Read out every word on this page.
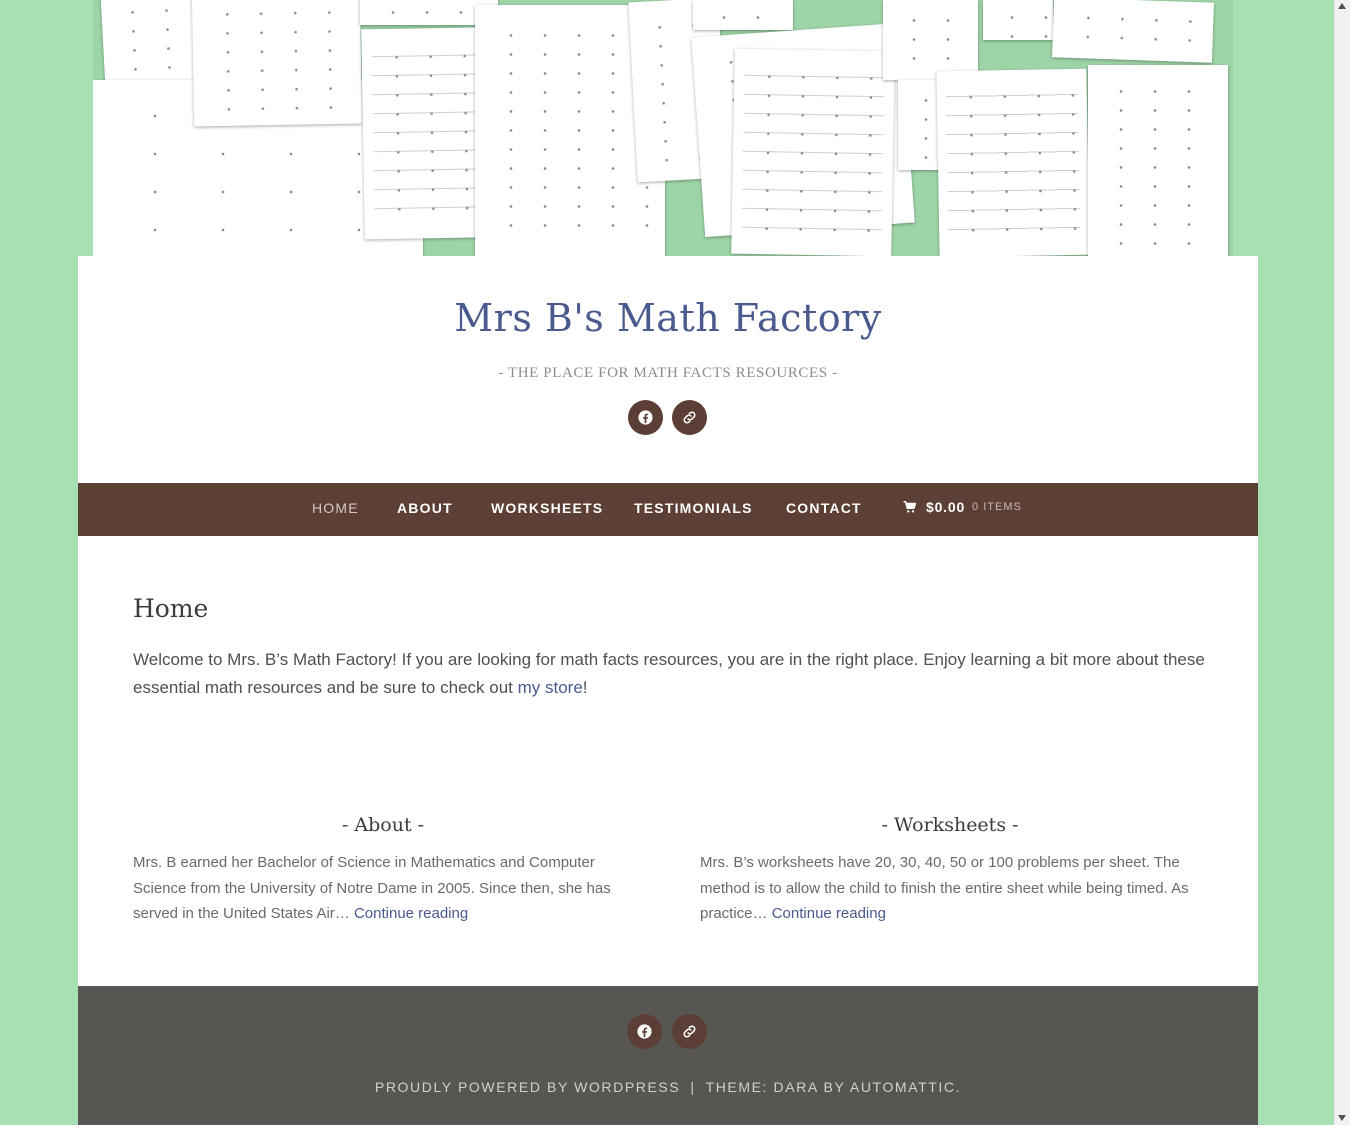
Mrs B's Math Factory
- THE PLACE FOR MATH FACTS RESOURCES -
HOME	ABOUT	WORKSHEETS TESTIMONIALS CONTACT	$0.00 0 ITEMS
Home
Welcome to Mrs. B’s Math Factory! If you are looking for math facts resources, you are in the right place. Enjoy learning a bit more about these essential math resources and be sure to check out my store!
- About -
Mrs. B earned her Bachelor of Science in Mathematics and Computer Science from the University of Notre Dame in 2005. Since then, she has served in the United States Air… Continue reading
- Worksheets -
Mrs. B’s worksheets have 20, 30, 40, 50 or 100 problems per sheet. The method is to allow the child to finish the entire sheet while being timed. As practice… Continue reading
PROUDLY POWERED BY WORDPRESS | THEME: DARA BY AUTOMATTIC.
